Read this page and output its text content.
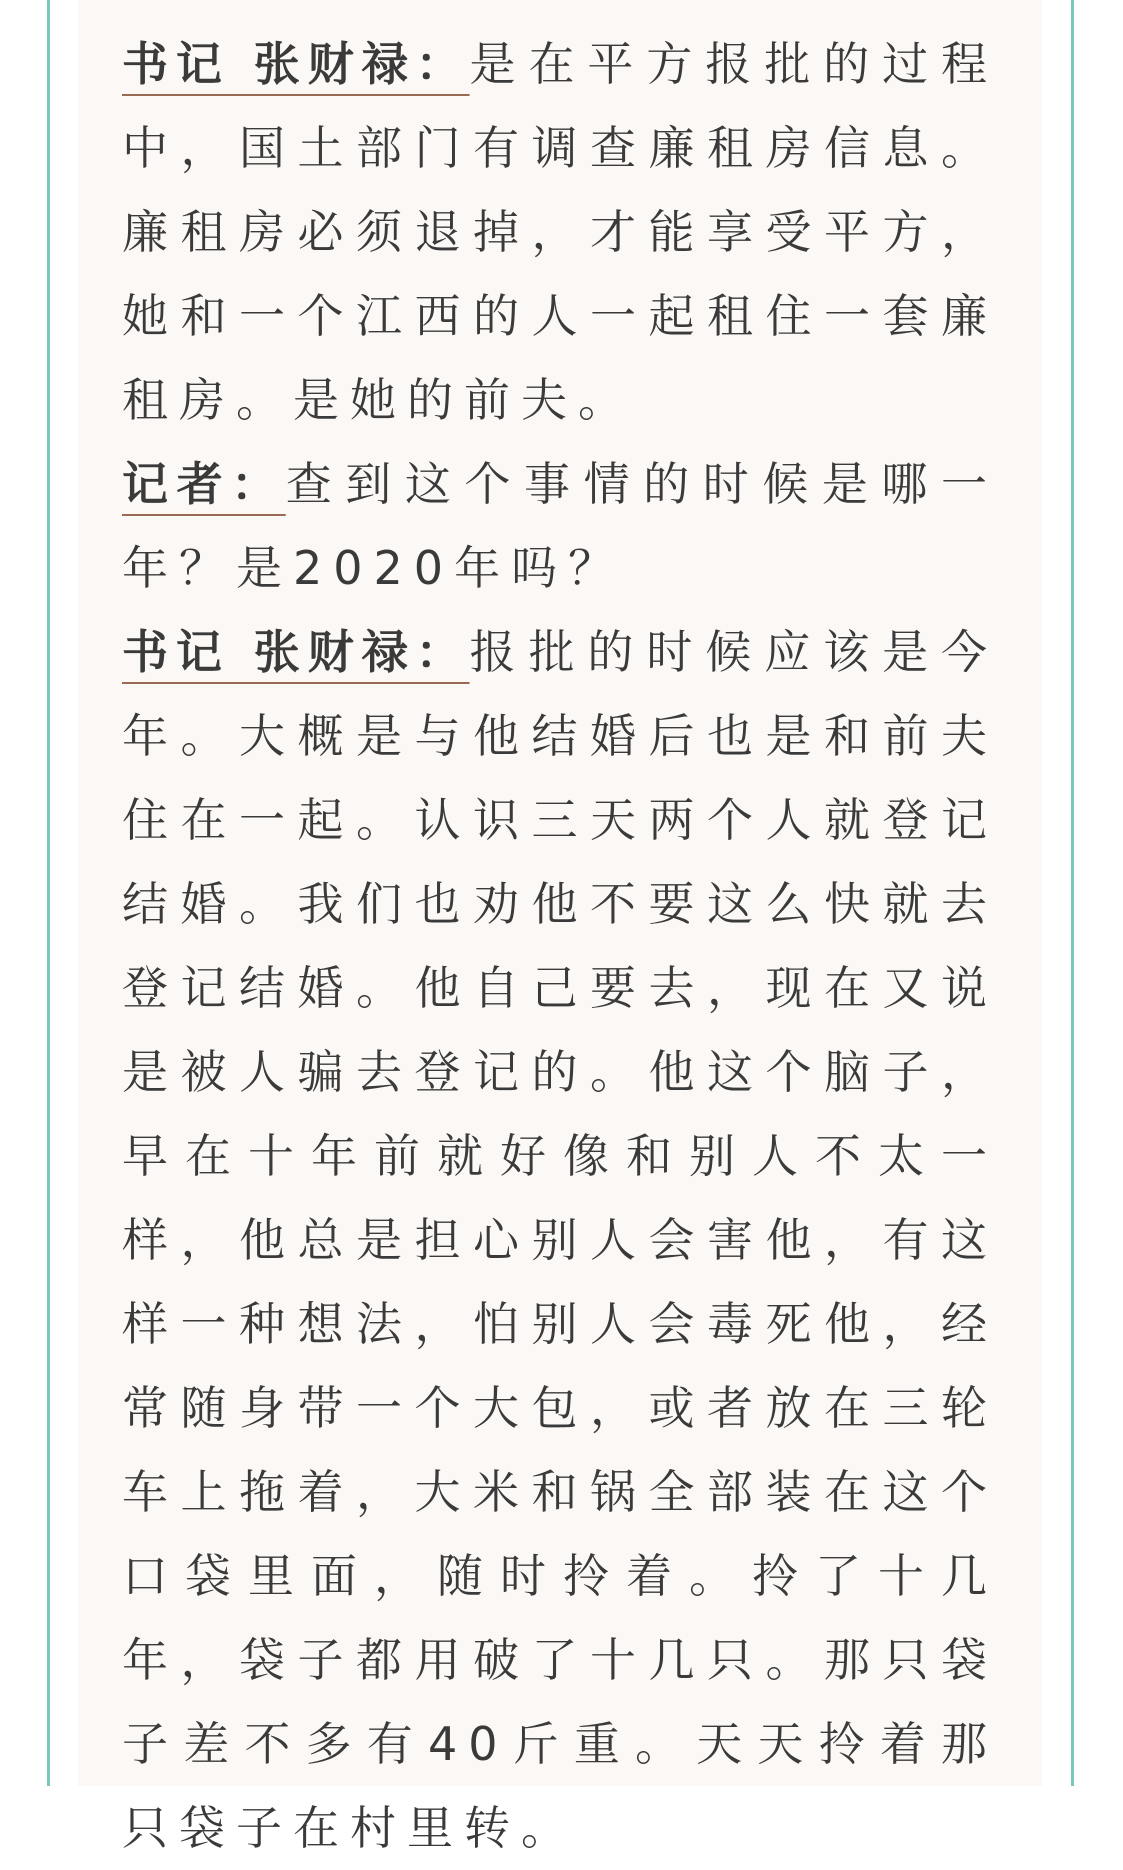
书记 张财禄：是在平方报批的过程中，国土部门有调查廉租房信息。廉租房必须退掉，才能享受平方，她和一个江西的人一起租住一套廉租房。是她的前夫。

记者：查到这个事情的时候是哪一年？是2020年吗？

书记 张财禄：报批的时候应该是今年。大概是与他结婚后也是和前夫住在一起。认识三天两个人就登记结婚。我们也劝他不要这么快就去登记结婚。他自己要去，现在又说是被人骗去登记的。他这个脑子，早在十年前就好像和别人不太一样，他总是担心别人会害他，有这样一种想法，怕别人会毒死他，经常随身带一个大包，或者放在三轮车上拖着，大米和锅全部装在这个口袋里面，随时拎着。拎了十几年，袋子都用破了十几只。那只袋子差不多有40斤重。天天拎着那只袋子在村里转。
